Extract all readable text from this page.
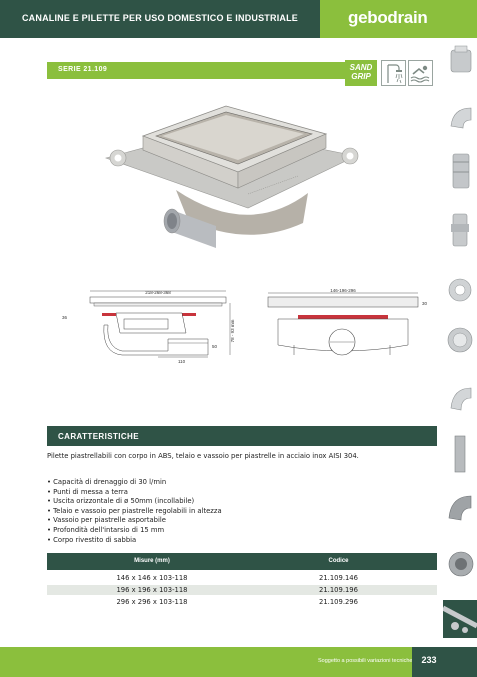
CANALINE E PILETTE PER USO DOMESTICO E INDUSTRIALE	gebodrain
SERIE 21.109	SAND
GRIP
218-268-368
36
50
110
78 - 93 mm
146-196-296
30
CARATTERISTICHE
Pilette piastrellabili con corpo in ABS, telaio e vassoio per piastrelle in acciaio inox AISI 304.
• Capacità di drenaggio di 30 l/min
• Punti di messa a terra
• Uscita orizzontale di ø 50mm (incollabile)
• Telaio e vassoio per piastrelle regolabili in altezza
• Vassoio per piastrelle asportabile
• Profondità dell'intarsio di 15 mm
• Corpo rivestito di sabbia
Misure (mm)	Codice
146 x 146 x 103-118	21.109.146
196 x 196 x 103-118	21.109.196
296 x 296 x 103-118	21.109.296
Soggetto a possibili variazioni tecniche	233
